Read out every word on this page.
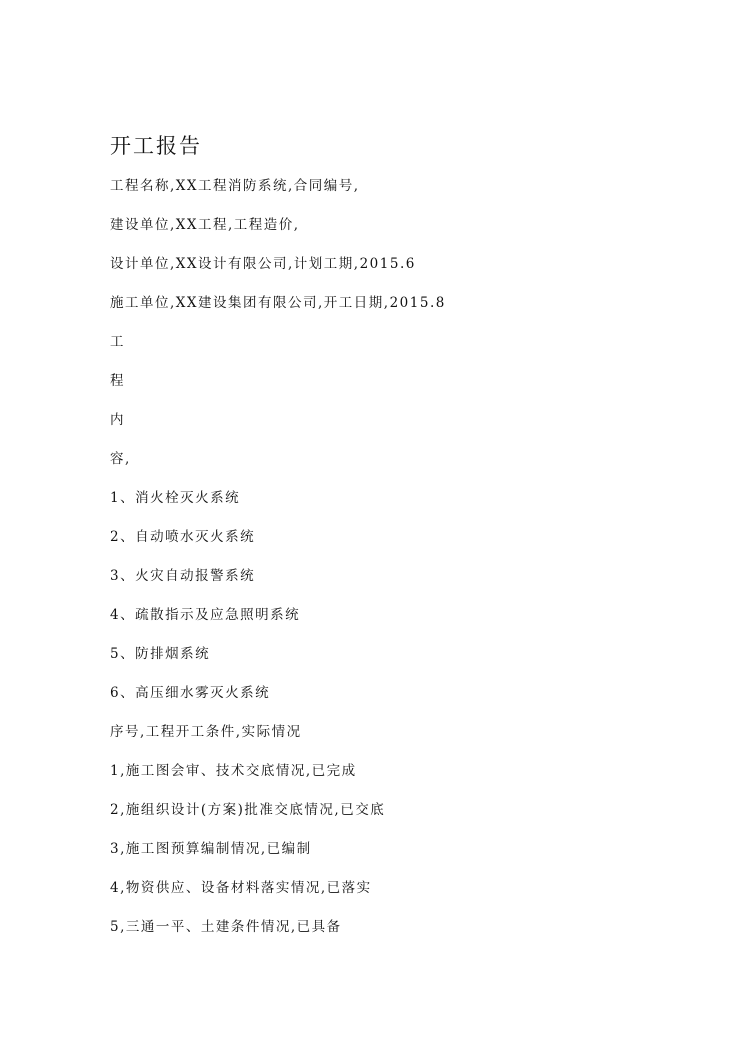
开工报告

工程名称,XX工程消防系统,合同编号,

建设单位,XX工程,工程造价,

设计单位,XX设计有限公司,计划工期,2015.6

施工单位,XX建设集团有限公司,开工日期,2015.8

工

程

内

容,

1、消火栓灭火系统

2、自动喷水灭火系统

3、火灾自动报警系统

4、疏散指示及应急照明系统

5、防排烟系统

6、高压细水雾灭火系统

序号,工程开工条件,实际情况

1,施工图会审、技术交底情况,已完成

2,施组织设计(方案)批准交底情况,已交底

3,施工图预算编制情况,已编制

4,物资供应、设备材料落实情况,已落实

5,三通一平、土建条件情况,已具备
